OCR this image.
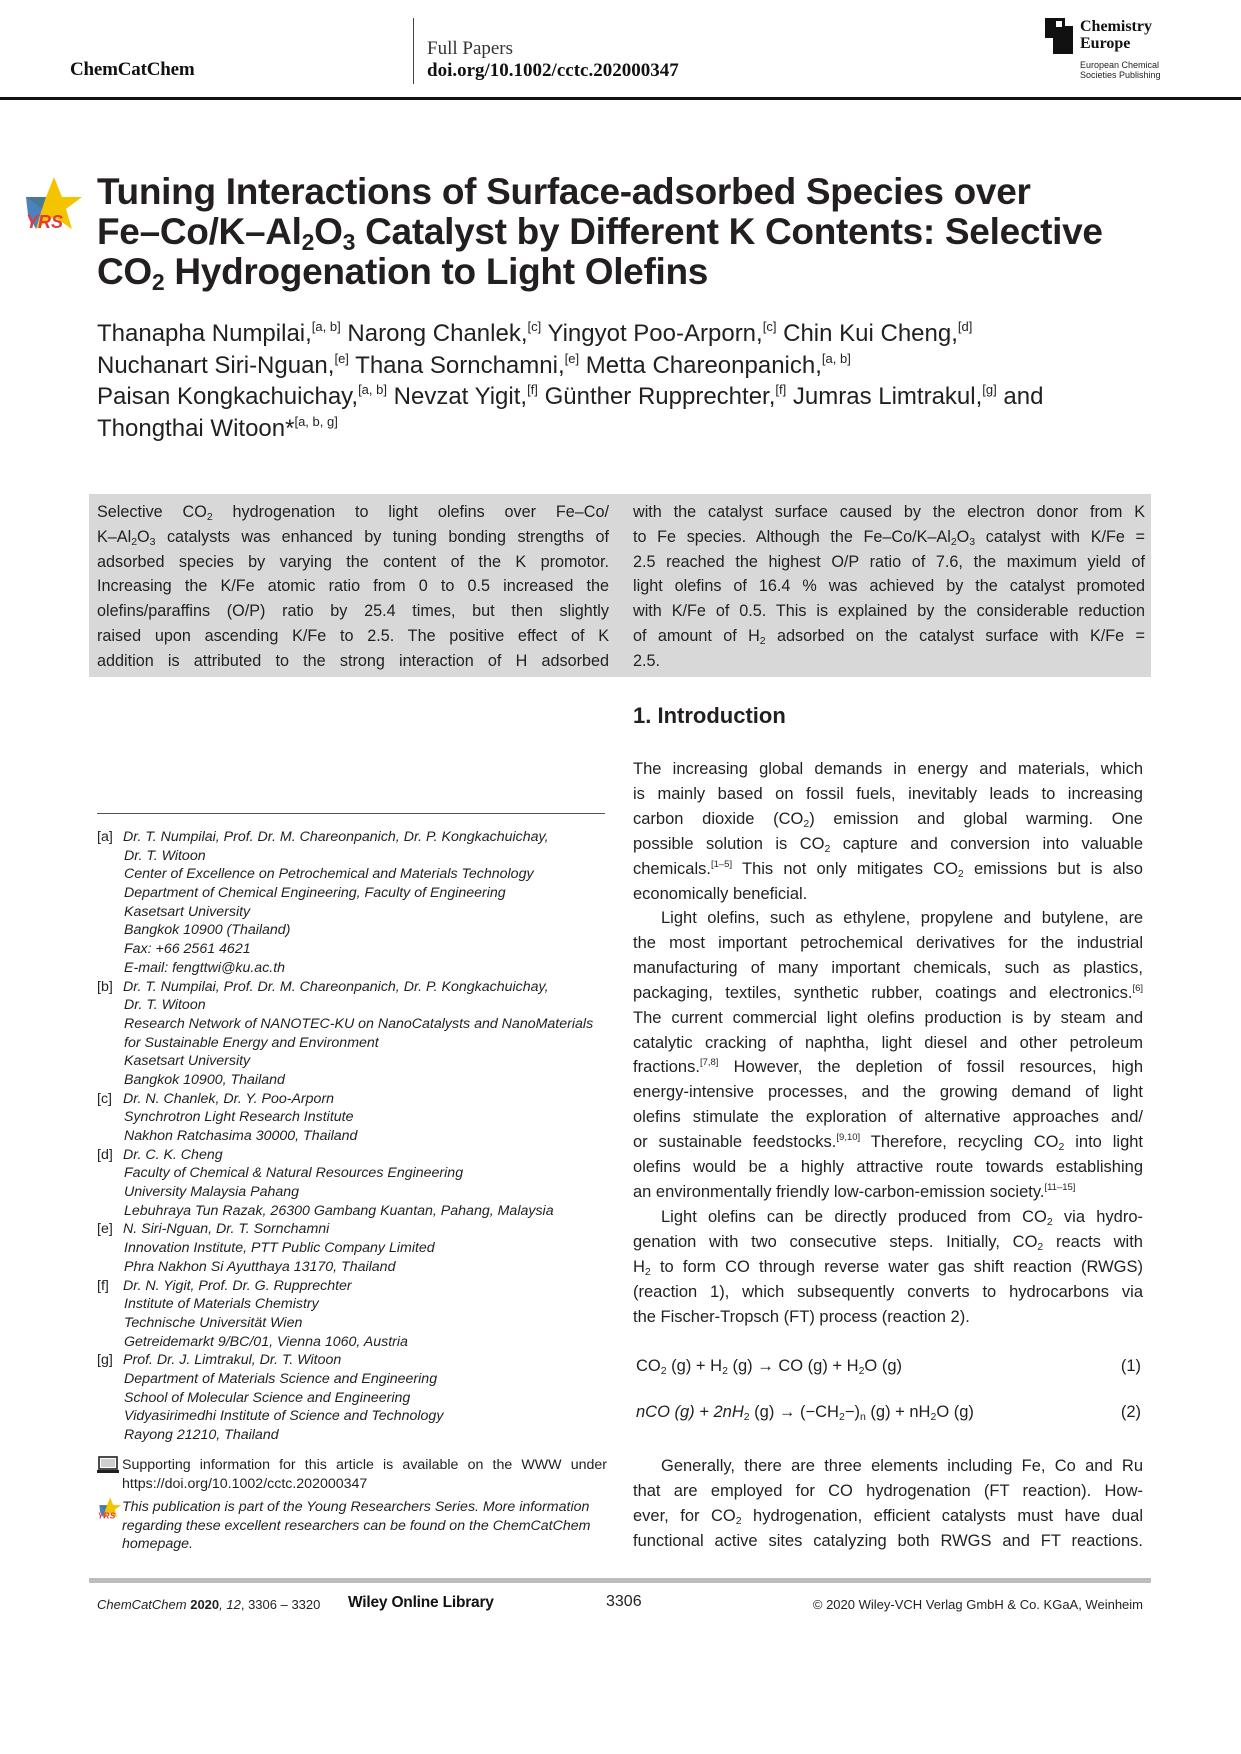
ChemCatChem
Full Papers
doi.org/10.1002/cctc.202000347
Chemistry
Europe
European Chemical
Societies Publishing
YRS

Tuning Interactions of Surface-adsorbed Species over

$Fe-Co/K-Al_2O_3$ Catalyst by Different K Contents: Selective

$CO_2$ Hydrogenation to Light Olefins

Thanapha Numpilai,[a, b] Narong Chanlek,[c] Yingyot Poo-Arporn,[c] Chin Kui Cheng,[d]

Nuchanart Siri-Nguan,[e] Thana Sornchamni,[e] Metta Chareonpanich,[a, b]

Paisan Kongkachuichay,[a, b] Nevzat Yigit,[f] Günther Rupprechter,[f] Jumras Limtrakul,[g] and

Thongthai Witoon*[a, b, g]

Selective $CO_2$ hydrogenation to light olefins over Fe–Co/

$K-Al_2O_3$ catalysts was enhanced by tuning bonding strengths of

adsorbed species by varying the content of the K promotor.

Increasing the K/Fe atomic ratio from 0 to 0.5 increased the

olefins/paraffins (O/P) ratio by 25.4 times, but then slightly

raised upon ascending K/Fe to 2.5. The positive effect of K

addition is attributed to the strong interaction of H adsorbed

with the catalyst surface caused by the electron donor from K

to Fe species. Although the $Fe-Co/K-Al_2O_3$ catalyst with K/Fe =

2.5 reached the highest O/P ratio of 7.6, the maximum yield of

light olefins of 16.4 % was achieved by the catalyst promoted

with K/Fe of 0.5. This is explained by the considerable reduction

of amount of $H_2$ adsorbed on the catalyst surface with K/Fe =

2.5.

1. Introduction

The increasing global demands in energy and materials, which

is mainly based on fossil fuels, inevitably leads to increasing

carbon dioxide $(CO_2)$ emission and global warming. One

possible solution is $CO_2$ capture and conversion into valuable

chemicals.[1–5] This not only mitigates $CO_2$ emissions but is also

economically beneficial.

Light olefins, such as ethylene, propylene and butylene, are

the most important petrochemical derivatives for the industrial

manufacturing of many important chemicals, such as plastics,

packaging, textiles, synthetic rubber, coatings and electronics.[6]

The current commercial light olefins production is by steam and

catalytic cracking of naphtha, light diesel and other petroleum

fractions.[7,8] However, the depletion of fossil resources, high

energy-intensive processes, and the growing demand of light

olefins stimulate the exploration of alternative approaches and/

or sustainable feedstocks.[9,10] Therefore, recycling $CO_2$ into light

olefins would be a highly attractive route towards establishing

an environmentally friendly low-carbon-emission society.[11–15]

Light olefins can be directly produced from $CO_2$ via hydro-

genation with two consecutive steps. Initially, $CO_2$ reacts with

$H_2$ to form CO through reverse water gas shift reaction (RWGS)

(reaction 1), which subsequently converts to hydrocarbons via

the Fischer-Tropsch (FT) process (reaction 2).

$CO_2$ $(g) + H_2$ (g) → CO $(g) + H_2O$ (g)	(1)
nCO $(g) + 2nH_2$ $(g) \to (-CH_2-)_n$ $(g) + nH_2O$ (g)	(2)

Generally, there are three elements including Fe, Co and Ru

that are employed for CO hydrogenation (FT reaction). How-

ever, for $CO_2$ hydrogenation, efficient catalysts must have dual

functional active sites catalyzing both RWGS and FT reactions.

[a] Dr. T. Numpilai, Prof. Dr. M. Chareonpanich, Dr. P. Kongkachuichay,
Dr. T. Witoon
Center of Excellence on Petrochemical and Materials Technology
Department of Chemical Engineering, Faculty of Engineering
Kasetsart University
Bangkok 10900 (Thailand)
Fax: +66 2561 4621
E-mail: fengttwi@ku.ac.th
[b] Dr. T. Numpilai, Prof. Dr. M. Chareonpanich, Dr. P. Kongkachuichay,
Dr. T. Witoon
Research Network of NANOTEC-KU on NanoCatalysts and NanoMaterials
for Sustainable Energy and Environment
Kasetsart University
Bangkok 10900, Thailand
[c] Dr. N. Chanlek, Dr. Y. Poo-Arporn
Synchrotron Light Research Institute
Nakhon Ratchasima 30000, Thailand
[d] Dr. C. K. Cheng
Faculty of Chemical & Natural Resources Engineering
University Malaysia Pahang
Lebuhraya Tun Razak, 26300 Gambang Kuantan, Pahang, Malaysia
[e] N. Siri-Nguan, Dr. T. Sornchamni
Innovation Institute, PTT Public Company Limited
Phra Nakhon Si Ayutthaya 13170, Thailand
[f] Dr. N. Yigit, Prof. Dr. G. Rupprechter
Institute of Materials Chemistry
Technische Universität Wien
Getreidemarkt 9/BC/01, Vienna 1060, Austria
[g] Prof. Dr. J. Limtrakul, Dr. T. Witoon
Department of Materials Science and Engineering
School of Molecular Science and Engineering
Vidyasirimedhi Institute of Science and Technology
Rayong 21210, Thailand

Supporting information for this article is available on the WWW under

https://doi.org/10.1002/cctc.202000347

YRS

This publication is part of the Young Researchers Series. More information

regarding these excellent researchers can be found on the ChemCatChem

homepage.

ChemCatChem 2020, 12, 3306 – 3320 Wiley Online Library	3306	© 2020 Wiley-VCH Verlag GmbH & Co. KGaA, Weinheim
